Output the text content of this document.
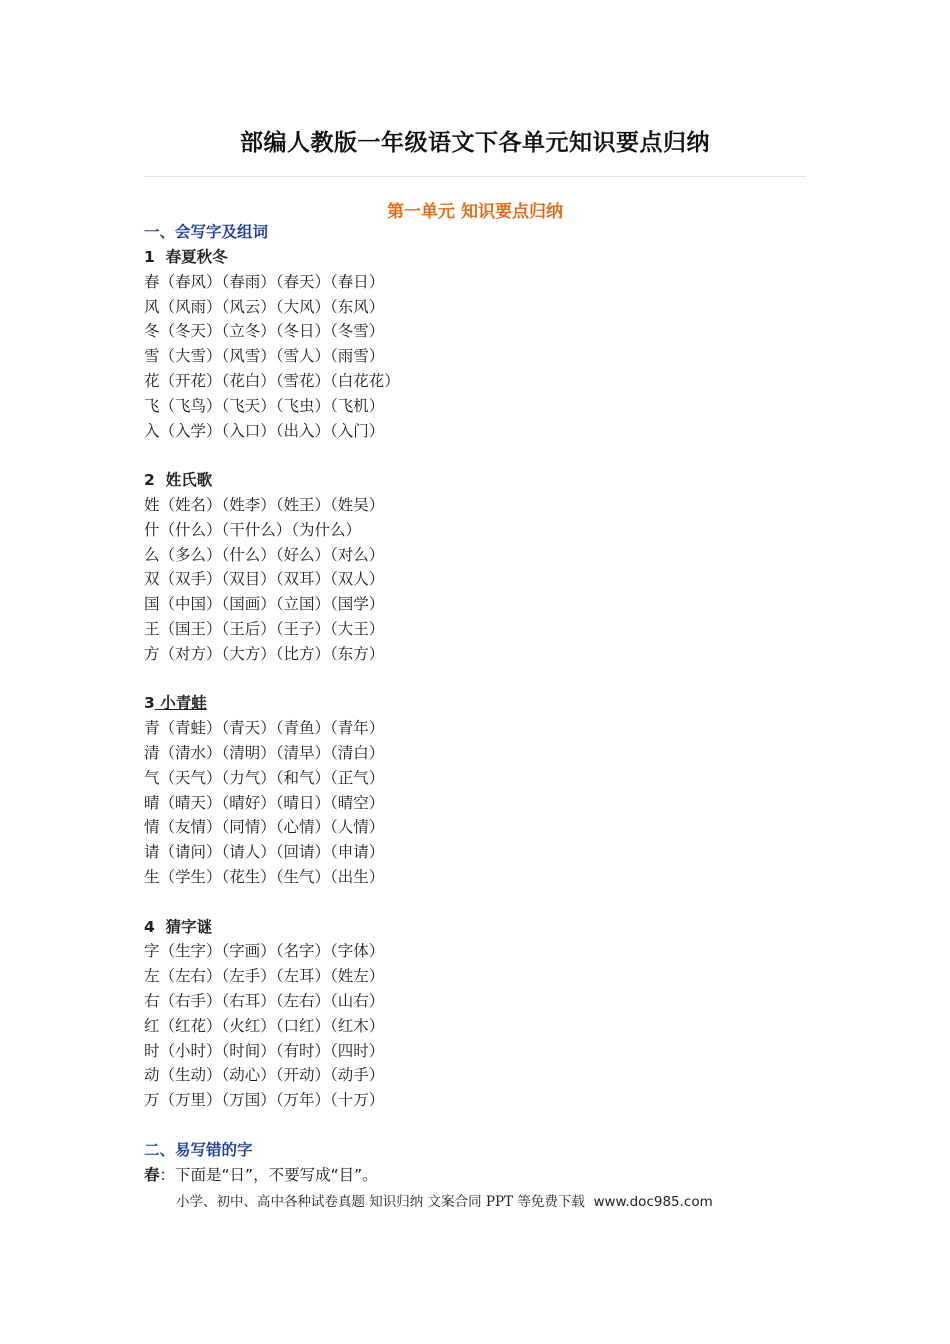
部编人教版一年级语文下各单元知识要点归纳
第一单元 知识要点归纳
一、会写字及组词
1 春夏秋冬
春（春风）（春雨）（春天）（春日）
风（风雨）（风云）（大风）（东风）
冬（冬天）（立冬）（冬日）（冬雪）
雪（大雪）（风雪）（雪人）（雨雪）
花（开花）（花白）（雪花）（白花花）
飞（飞鸟）（飞天）（飞虫）（飞机）
入（入学）（入口）（出入）（入门）
2 姓氏歌
姓（姓名）（姓李）（姓王）（姓吴）
什（什么）（干什么）（为什么）
么（多么）（什么）（好么）（对么）
双（双手）（双目）（双耳）（双人）
国（中国）（国画）（立国）（国学）
王（国王）（王后）（王子）（大王）
方（对方）（大方）（比方）（东方）
3 小青蛙
青（青蛙）（青天）（青鱼）（青年）
清（清水）（清明）（清早）（清白）
气（天气）（力气）（和气）（正气）
晴（晴天）（晴好）（晴日）（晴空）
情（友情）（同情）（心情）（人情）
请（请问）（请人）（回请）（申请）
生（学生）（花生）（生气）（出生）
4 猜字谜
字（生字）（字画）（名字）（字体）
左（左右）（左手）（左耳）（姓左）
右（右手）（右耳）（左右）（山右）
红（红花）（火红）（口红）（红木）
时（小时）（时间）（有时）（四时）
动（生动）（动心）（开动）（动手）
万（万里）（万国）（万年）（十万）
二、易写错的字
春：下面是“日”，不要写成“目”。
小学、初中、高中各种试卷真题 知识归纳 文案合同 PPT 等免费下载 www.doc985.com
